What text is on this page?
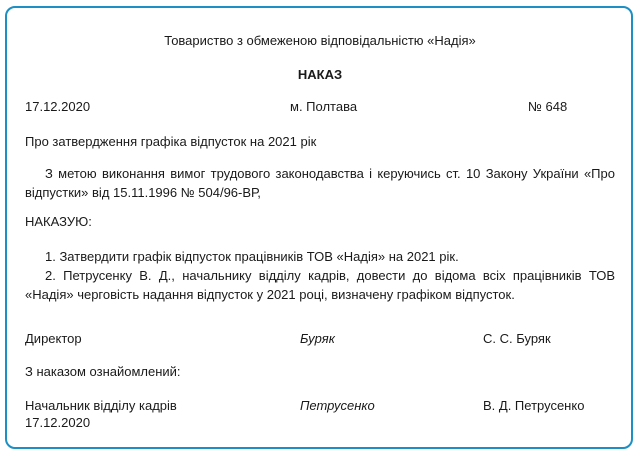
Товариство з обмеженою відповідальністю «Надія»
НАКАЗ
17.12.2020	м. Полтава	№ 648
Про затвердження графіка відпусток на 2021 рік
З метою виконання вимог трудового законодавства і керуючись ст. 10 Закону України «Про відпустки» від 15.11.1996 № 504/96-ВР,
НАКАЗУЮ:
1. Затвердити графік відпусток працівників ТОВ «Надія» на 2021 рік.
2. Петрусенку В. Д., начальнику відділу кадрів, довести до відома всіх працівників ТОВ «Надія» черговість надання відпусток у 2021 році, визначену графіком відпусток.
Директор	Буряк	С. С. Буряк
З наказом ознайомлений:
Начальник відділу кадрів	Петрусенко	В. Д. Петрусенко
17.12.2020
